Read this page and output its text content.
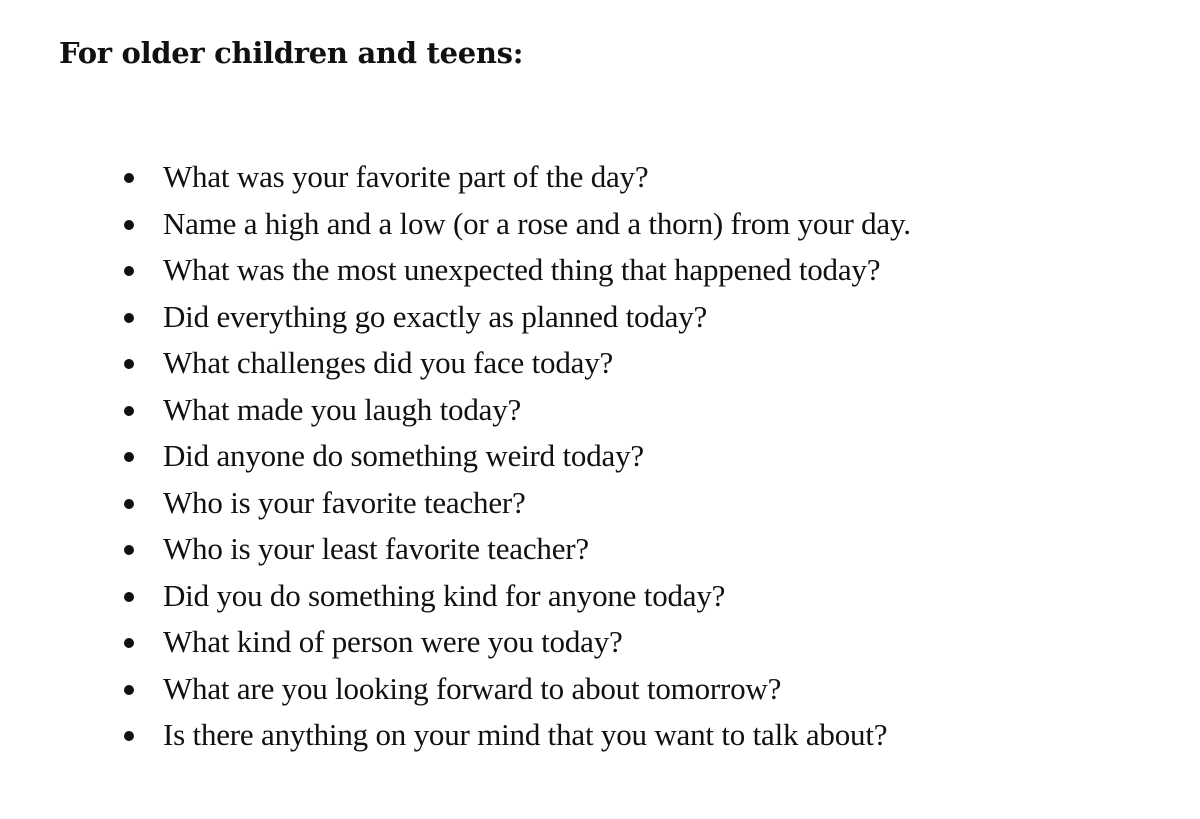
For older children and teens:
What was your favorite part of the day?
Name a high and a low (or a rose and a thorn) from your day.
What was the most unexpected thing that happened today?
Did everything go exactly as planned today?
What challenges did you face today?
What made you laugh today?
Did anyone do something weird today?
Who is your favorite teacher?
Who is your least favorite teacher?
Did you do something kind for anyone today?
What kind of person were you today?
What are you looking forward to about tomorrow?
Is there anything on your mind that you want to talk about?
